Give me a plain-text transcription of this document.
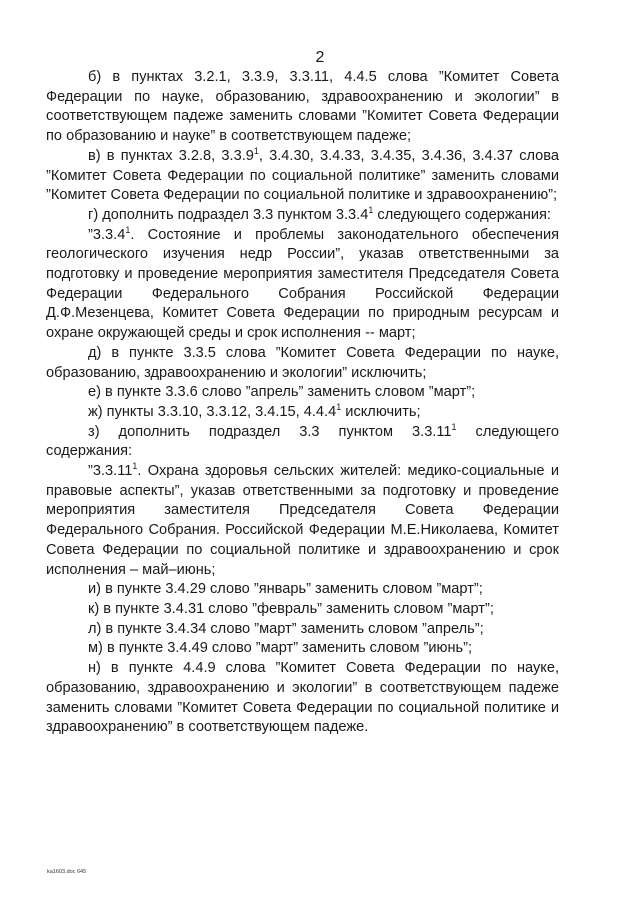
2

б) в пунктах 3.2.1, 3.3.9, 3.3.11, 4.4.5 слова ”Комитет Совета Федерации по науке, образованию, здравоохранению и экологии” в соответствующем падеже заменить словами ”Комитет Совета Федерации по образованию и науке” в соответствующем падеже;

в) в пунктах 3.2.8, 3.3.9$^1$, 3.4.30, 3.4.33, 3.4.35, 3.4.36, 3.4.37 слова ”Комитет Совета Федерации по социальной политике” заменить словами ”Комитет Совета Федерации по социальной политике и здравоохранению”;

г) дополнить подраздел 3.3 пунктом 3.3.4$^1$ следующего содержания:

”3.3.4$^1$. Состояние и проблемы законодательного обеспечения геологического изучения недр России”, указав ответственными за подготовку и проведение мероприятия заместителя Председателя Совета Федерации Федерального Собрания Российской Федерации Д.Ф.Мезенцева, Комитет Совета Федерации по природным ресурсам и охране окружающей среды и срок исполнения -- март;

д) в пункте 3.3.5 слова ”Комитет Совета Федерации по науке, образованию, здравоохранению и экологии” исключить;

е) в пункте 3.3.6 слово ”апрель” заменить словом ”март”;

ж) пункты 3.3.10, 3.3.12, 3.4.15, 4.4.4$^1$ исключить;

з) дополнить подраздел 3.3 пунктом 3.3.11$^1$ следующего содержания:

”3.3.11$^1$. Охрана здоровья сельских жителей: медико-социальные и правовые аспекты”, указав ответственными за подготовку и проведение мероприятия заместителя Председателя Совета Федерации Федерального Собрания. Российской Федерации М.Е.Николаева, Комитет Совета Федерации по социальной политике и здравоохранению и срок исполнения – май–июнь;

и) в пункте 3.4.29 слово ”январь” заменить словом ”март”;

к) в пункте 3.4.31 слово ”февраль” заменить словом ”март”;

л) в пункте 3.4.34 слово ”март” заменить словом ”апрель”;

м) в пункте 3.4.49 слово ”март” заменить словом ”июнь”;

н) в пункте 4.4.9 слова ”Комитет Совета Федерации по науке, образованию, здравоохранению и экологии” в соответствующем падеже заменить словами ”Комитет Совета Федерации по социальной политике и здравоохранению” в соответствующем падеже.

ka1603.doc 645
